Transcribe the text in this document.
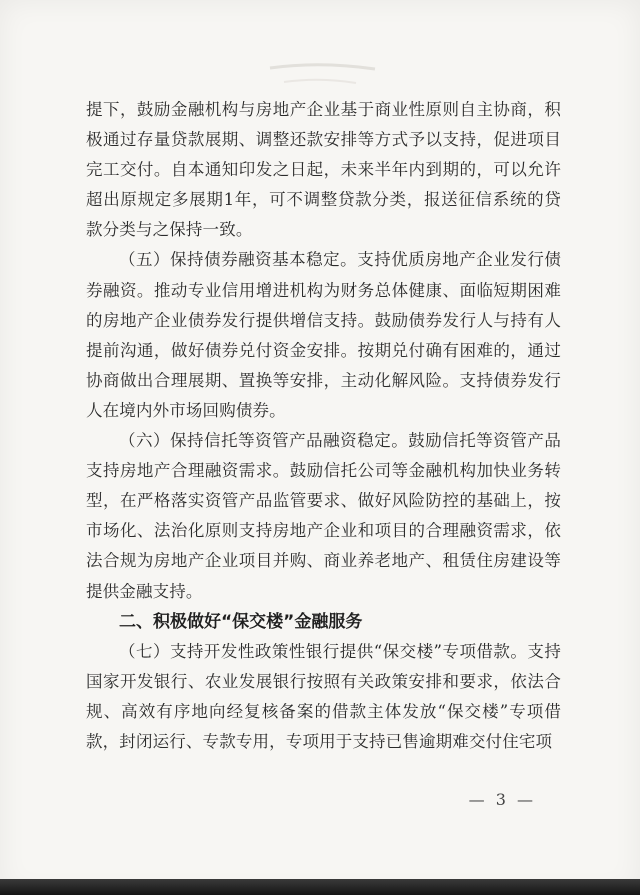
提下，鼓励金融机构与房地产企业基于商业性原则自主协商，积极通过存量贷款展期、调整还款安排等方式予以支持，促进项目完工交付。自本通知印发之日起，未来半年内到期的，可以允许超出原规定多展期1年，可不调整贷款分类，报送征信系统的贷款分类与之保持一致。

（五）保持债券融资基本稳定。支持优质房地产企业发行债券融资。推动专业信用增进机构为财务总体健康、面临短期困难的房地产企业债券发行提供增信支持。鼓励债券发行人与持有人提前沟通，做好债券兑付资金安排。按期兑付确有困难的，通过协商做出合理展期、置换等安排，主动化解风险。支持债券发行人在境内外市场回购债券。

（六）保持信托等资管产品融资稳定。鼓励信托等资管产品支持房地产合理融资需求。鼓励信托公司等金融机构加快业务转型，在严格落实资管产品监管要求、做好风险防控的基础上，按市场化、法治化原则支持房地产企业和项目的合理融资需求，依法合规为房地产企业项目并购、商业养老地产、租赁住房建设等提供金融支持。

二、积极做好“保交楼”金融服务

（七）支持开发性政策性银行提供“保交楼”专项借款。支持国家开发银行、农业发展银行按照有关政策安排和要求，依法合规、高效有序地向经复核备案的借款主体发放“保交楼”专项借款，封闭运行、专款专用，专项用于支持已售逾期难交付住宅项

— 3 —
